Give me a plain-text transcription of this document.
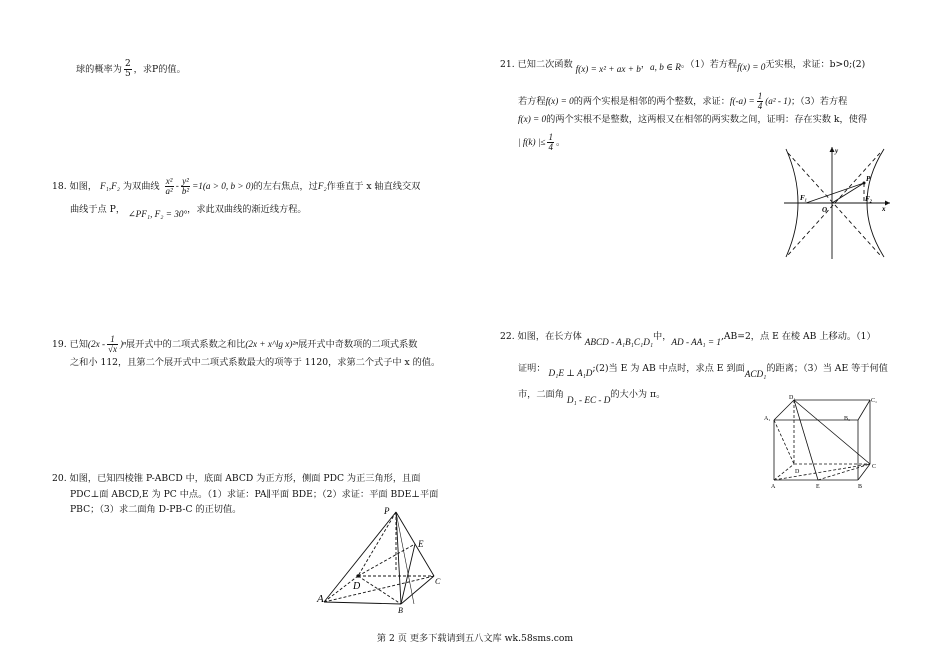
球的概率为 $\frac{2}{5}$ ，求P的值。
18. 如图， F₁,F₂ 为双曲线 $\frac{\text{x²}}{\text{a²}} - \frac{\text{y²}}{\text{b²}} =1(a > 0$, b > 0)的左右焦点，过F₂作垂直于 x 轴直线交双
曲线于点 P， ∠PF₁, F₂ = 30°，求此双曲线的渐近线方程。
19. 已知$(2x - \frac{1}{√x} )^n$展开式中的二项式系数之和比(2x + x^lg x)²ⁿ展开式中奇数项的二项式系数
之和小 112，且第二个展开式中二项式系数最大的项等于 1120，求第二个式子中 x 的值。
20. 如图，已知四棱锥 P-ABCD 中，底面 ABCD 为正方形，侧面 PDC 为正三角形，且面
PDC⊥面 ABCD,E 为 PC 中点。（1）求证：PA∥平面 BDE；（2）求证：平面 BDE⊥平面
PBC；（3）求二面角 D-PB-C 的正切值。	P
E
D	C
A
B
21. 已知二次函数 f(x) = x² + ax + b，a, b ∈ R。（1）若方程f(x) = 0无实根，求证：b>0;(2)
若方程f(x) = 0的两个实根是相邻的两个整数，求证：$f(-a) = \frac{1}{4} (a^2 - 1)$；（3）若方程
f(x) = 0的两个实根不是整数，这两根又在相邻的两实数之间，证明：存在实数 k，使得
| f(k) |≤ $\frac{1}{4}$ 。
y
F₁
O
P
F₂
x
22. 如图，在长方体 ABCD - A₁B₁C₁D₁中，AD - AA₁ = 1,AB=2，点 E 在棱 AB 上移动。（1）
证明： D₁E ⊥ A₁D;(2)当 E 为 AB 中点时，求点 E 到面ACD₁的距离；（3）当 AE 等于何值
市，二面角 D₁ - EC - D的大小为 π。	D₁	C₁
A₁	B₁
D
C
A	E	B
第 2 页 更多下载请到五八文库 wk.58sms.com
